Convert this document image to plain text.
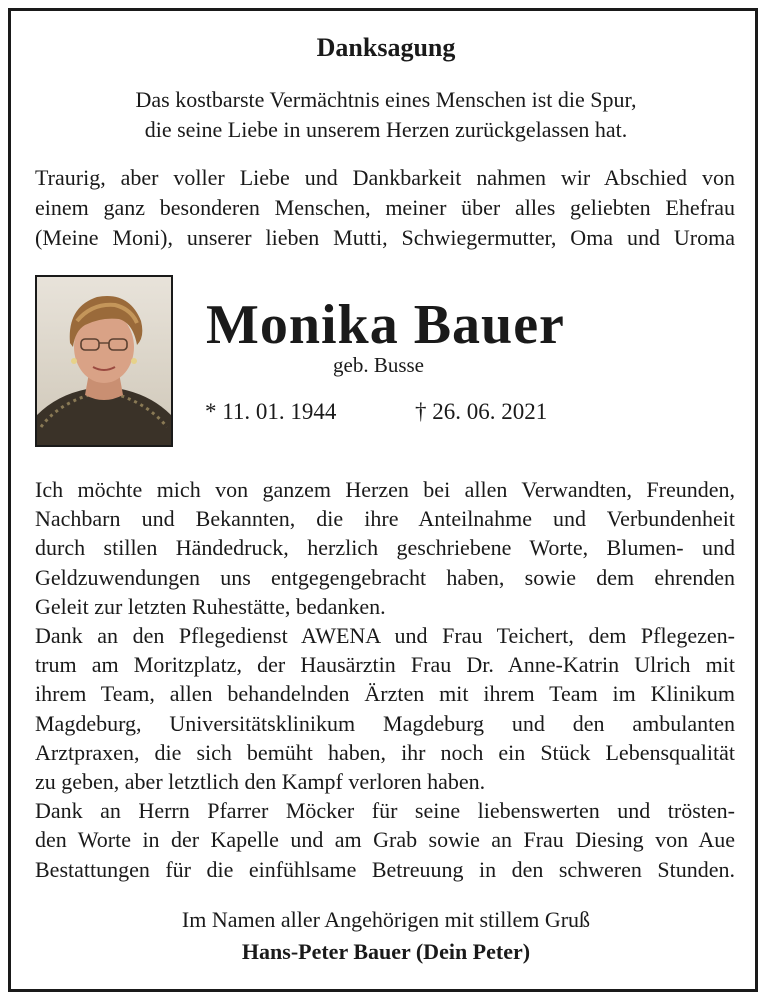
Danksagung
Das kostbarste Vermächtnis eines Menschen ist die Spur,
die seine Liebe in unserem Herzen zurückgelassen hat.
Traurig, aber voller Liebe und Dankbarkeit nahmen wir Abschied von
einem ganz besonderen Menschen, meiner über alles geliebten Ehefrau
(Meine Moni), unserer lieben Mutti, Schwiegermutter, Oma und Uroma
Monika Bauer
geb. Busse
* 11. 01. 1944	† 26. 06. 2021
Ich möchte mich von ganzem Herzen bei allen Verwandten, Freunden,
Nachbarn und Bekannten, die ihre Anteilnahme und Verbundenheit
durch stillen Händedruck, herzlich geschriebene Worte, Blumen- und
Geldzuwendungen uns entgegengebracht haben, sowie dem ehrenden
Geleit zur letzten Ruhestätte, bedanken.
Dank an den Pflegedienst AWENA und Frau Teichert, dem Pflegezen-
trum am Moritzplatz, der Hausärztin Frau Dr. Anne-Katrin Ulrich mit
ihrem Team, allen behandelnden Ärzten mit ihrem Team im Klinikum
Magdeburg, Universitätsklinikum Magdeburg und den ambulanten
Arztpraxen, die sich bemüht haben, ihr noch ein Stück Lebensqualität
zu geben, aber letztlich den Kampf verloren haben.
Dank an Herrn Pfarrer Möcker für seine liebenswerten und trösten-
den Worte in der Kapelle und am Grab sowie an Frau Diesing von Aue
Bestattungen für die einfühlsame Betreuung in den schweren Stunden.
Im Namen aller Angehörigen mit stillem Gruß
Hans-Peter Bauer (Dein Peter)
